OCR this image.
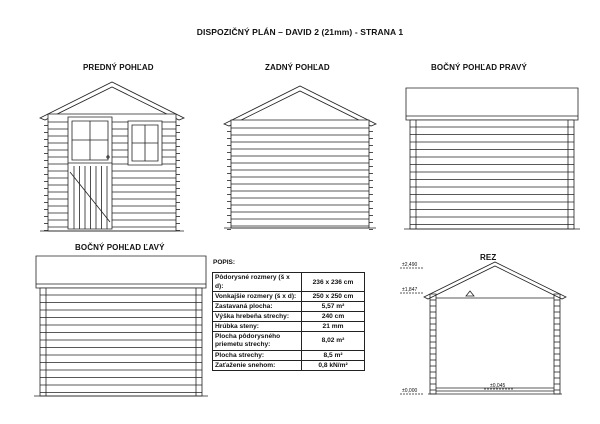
DISPOZIČNÝ PLÁN – DAVID 2 (21mm) - STRANA 1
PREDNÝ POHĽAD	ZADNÝ POHĽAD	BOČNÝ POHĽAD PRAVÝ
BOČNÝ POHĽAD ĽAVÝ
REZ
POPIS:
Pôdorysné rozmery (š x d):	236 x 236 cm
Vonkajšie rozmery (š x d):	250 x 250 cm
Zastavaná plocha:	5,57 m²
Výška hrebeňa strechy:	240 cm
Hrúbka steny:	21 mm
Plocha pôdorysného priemetu strechy:	8,02 m²
Plocha strechy:	8,5 m²
Zaťaženie snehom:	0,8 kN/m²
±2,490
±1,847
±0,045
±0,000
